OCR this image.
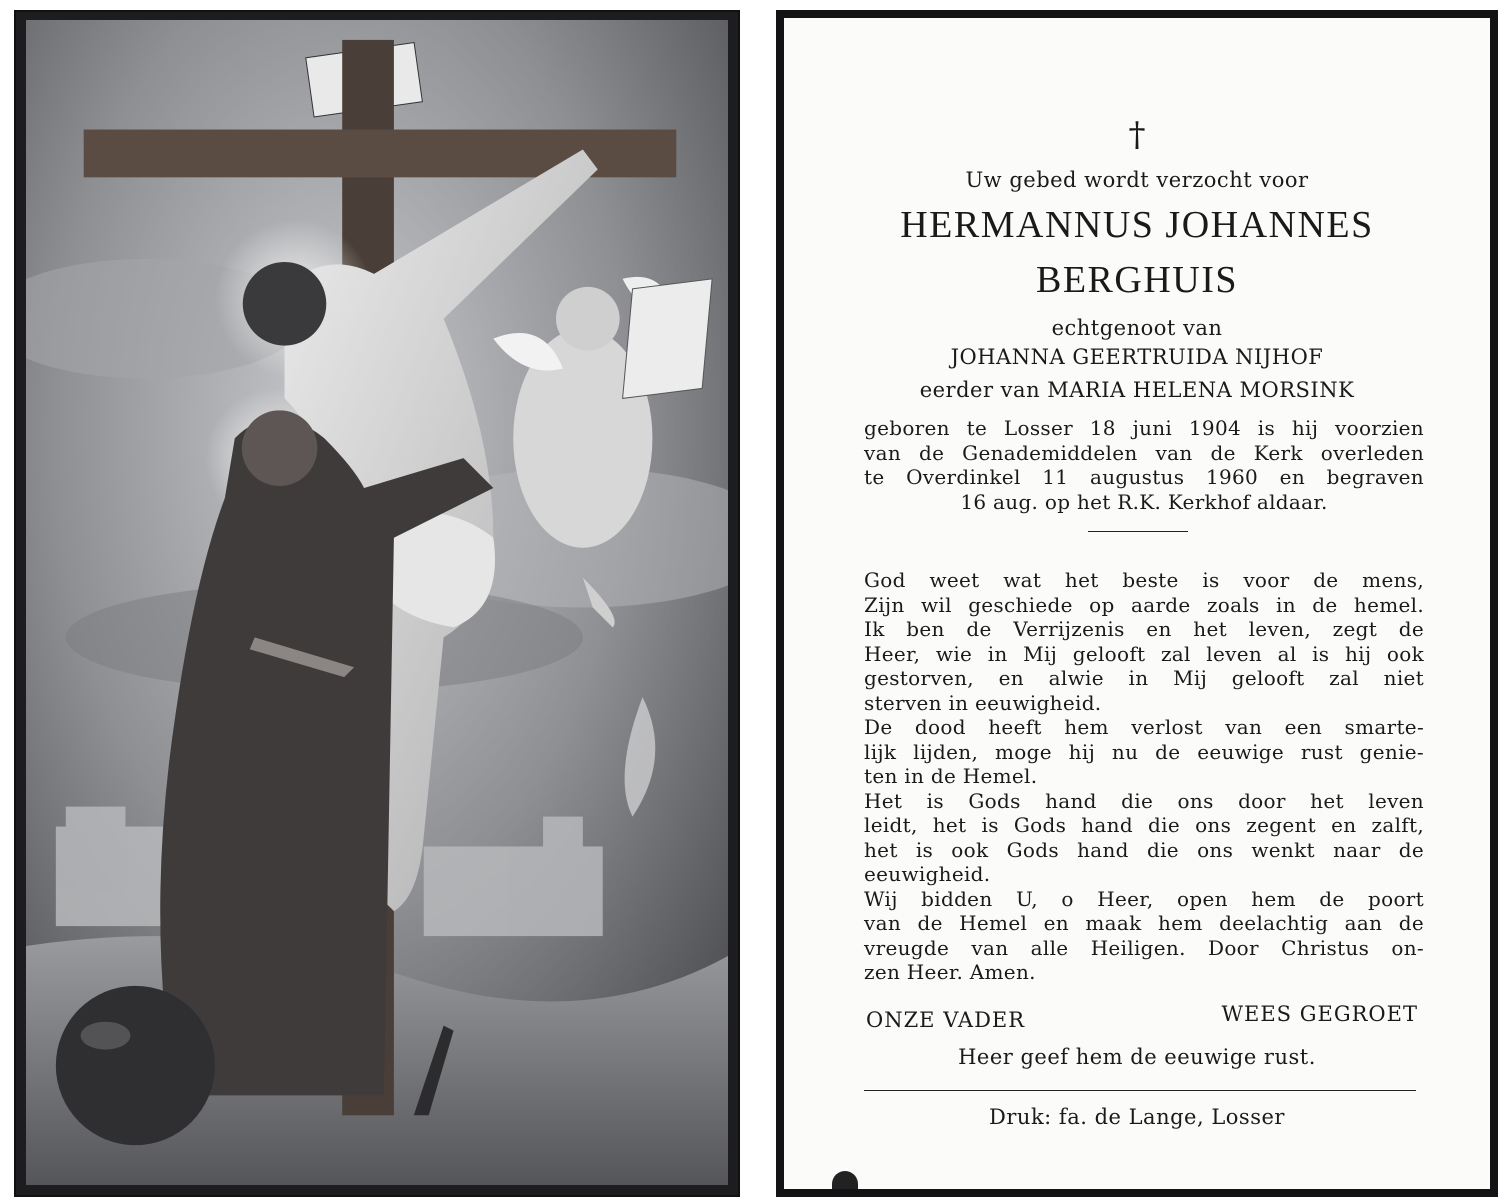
†
Uw gebed wordt verzocht voor
HERMANNUS JOHANNES
BERGHUIS
echtgenoot van
JOHANNA GEERTRUIDA NIJHOF
eerder van MARIA HELENA MORSINK
geboren te Losser 18 juni 1904 is hij voorzien
van de Genademiddelen van de Kerk overleden
te Overdinkel 11 augustus 1960 en begraven
16 aug. op het R.K. Kerkhof aldaar.
God weet wat het beste is voor de mens,
Zijn wil geschiede op aarde zoals in de hemel.
Ik ben de Verrijzenis en het leven, zegt de
Heer, wie in Mij gelooft zal leven al is hij ook
gestorven, en alwie in Mij gelooft zal niet
sterven in eeuwigheid.
De dood heeft hem verlost van een smarte-
lijk lijden, moge hij nu de eeuwige rust genie-
ten in de Hemel.
Het is Gods hand die ons door het leven
leidt, het is Gods hand die ons zegent en zalft,
het is ook Gods hand die ons wenkt naar de
eeuwigheid.
Wij bidden U, o Heer, open hem de poort
van de Hemel en maak hem deelachtig aan de
vreugde van alle Heiligen. Door Christus on-
zen Heer. Amen.
ONZE VADER	WEES GEGROET
Heer geef hem de eeuwige rust.
Druk: fa. de Lange, Losser
